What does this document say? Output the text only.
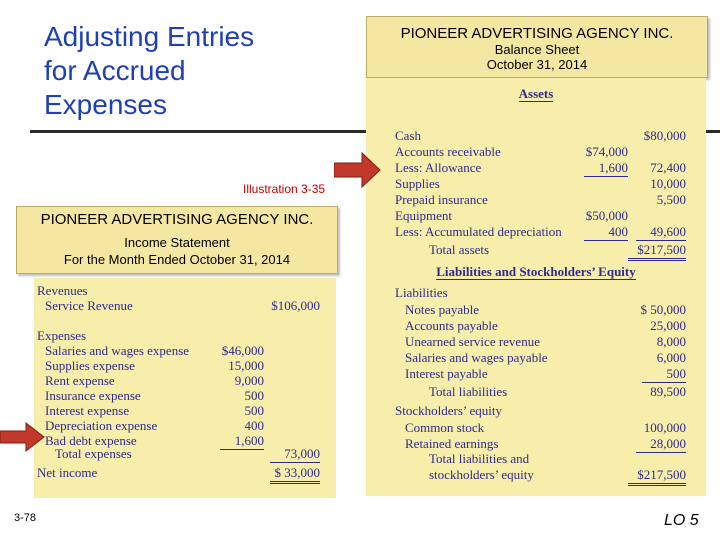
Adjusting Entries
for Accrued
Expenses
Illustration 3-35
PIONEER ADVERTISING AGENCY INC.
Balance Sheet
October 31, 2014
Assets
Cash	$80,000
Accounts receivable	$74,000
Less: Allowance	1,600 72,400
Supplies	10,000
Prepaid insurance	5,500
Equipment	$50,000
Less: Accumulated depreciation	400	49,600
Total assets	$217,500
Liabilities and Stockholders’ Equity
Liabilities
Notes payable	$ 50,000
Accounts payable	25,000
Unearned service revenue	8,000
Salaries and wages payable	6,000
Interest payable	500
Total liabilities	89,500
Stockholders’ equity
Common stock	100,000
Retained earnings	28,000
Total liabilities and
stockholders’ equity	$217,500
PIONEER ADVERTISING AGENCY INC.
Income Statement
For the Month Ended October 31, 2014
Revenues
Service Revenue	$106,000
Expenses
Salaries and wages expense	$46,000
Supplies expense	15,000
Rent expense	9,000
Insurance expense	500
Interest expense	500
Depreciation expense	400
Bad debt expense	1,600
Total expenses	73,000
Net income	$ 33,000
3-78	LO 5
